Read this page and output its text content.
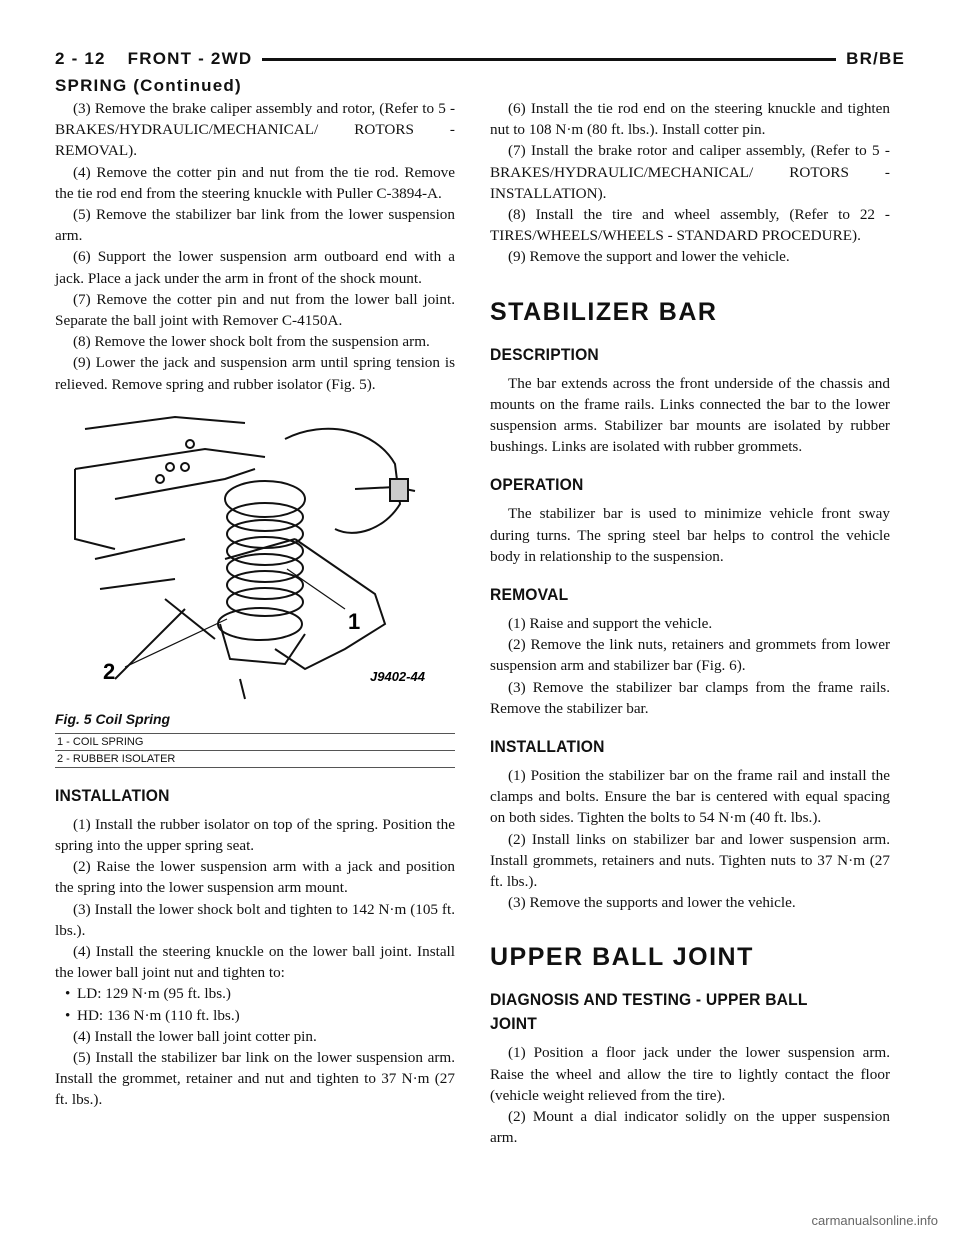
2 - 12 FRONT - 2WD	BR/BE
SPRING (Continued)

(3) Remove the brake caliper assembly and rotor, (Refer to 5 - BRAKES/HYDRAULIC/MECHANICAL/ ROTORS - REMOVAL).

(4) Remove the cotter pin and nut from the tie rod. Remove the tie rod end from the steering knuckle with Puller C-3894-A.

(5) Remove the stabilizer bar link from the lower suspension arm.

(6) Support the lower suspension arm outboard end with a jack. Place a jack under the arm in front of the shock mount.

(7) Remove the cotter pin and nut from the lower ball joint. Separate the ball joint with Remover C-4150A.

(8) Remove the lower shock bolt from the suspension arm.

(9) Lower the jack and suspension arm until spring tension is relieved. Remove spring and rubber isolator (Fig. 5).

1
2	J9402-44
Fig. 5 Coil Spring
1 - COIL SPRING
2 - RUBBER ISOLATER
INSTALLATION

(1) Install the rubber isolator on top of the spring. Position the spring into the upper spring seat.

(2) Raise the lower suspension arm with a jack and position the spring into the lower suspension arm mount.

(3) Install the lower shock bolt and tighten to 142 N·m (105 ft. lbs.).

(4) Install the steering knuckle on the lower ball joint. Install the lower ball joint nut and tighten to:

• LD: 129 N·m (95 ft. lbs.)

• HD: 136 N·m (110 ft. lbs.)

(4) Install the lower ball joint cotter pin.

(5) Install the stabilizer bar link on the lower suspension arm. Install the grommet, retainer and nut and tighten to 37 N·m (27 ft. lbs.).

(6) Install the tie rod end on the steering knuckle and tighten nut to 108 N·m (80 ft. lbs.). Install cotter pin.

(7) Install the brake rotor and caliper assembly, (Refer to 5 - BRAKES/HYDRAULIC/MECHANICAL/ ROTORS - INSTALLATION).

(8) Install the tire and wheel assembly, (Refer to 22 - TIRES/WHEELS/WHEELS - STANDARD PROCEDURE).

(9) Remove the support and lower the vehicle.

STABILIZER BAR
DESCRIPTION

The bar extends across the front underside of the chassis and mounts on the frame rails. Links connected the bar to the lower suspension arms. Stabilizer bar mounts are isolated by rubber bushings. Links are isolated with rubber grommets.

OPERATION

The stabilizer bar is used to minimize vehicle front sway during turns. The spring steel bar helps to control the vehicle body in relationship to the suspension.

REMOVAL

(1) Raise and support the vehicle.

(2) Remove the link nuts, retainers and grommets from lower suspension arm and stabilizer bar (Fig. 6).

(3) Remove the stabilizer bar clamps from the frame rails. Remove the stabilizer bar.

INSTALLATION

(1) Position the stabilizer bar on the frame rail and install the clamps and bolts. Ensure the bar is centered with equal spacing on both sides. Tighten the bolts to 54 N·m (40 ft. lbs.).

(2) Install links on stabilizer bar and lower suspension arm. Install grommets, retainers and nuts. Tighten nuts to 37 N·m (27 ft. lbs.).

(3) Remove the supports and lower the vehicle.

UPPER BALL JOINT
DIAGNOSIS AND TESTING - UPPER BALL JOINT

(1) Position a floor jack under the lower suspension arm. Raise the wheel and allow the tire to lightly contact the floor (vehicle weight relieved from the tire).

(2) Mount a dial indicator solidly on the upper suspension arm.

carmanualsonline.info
